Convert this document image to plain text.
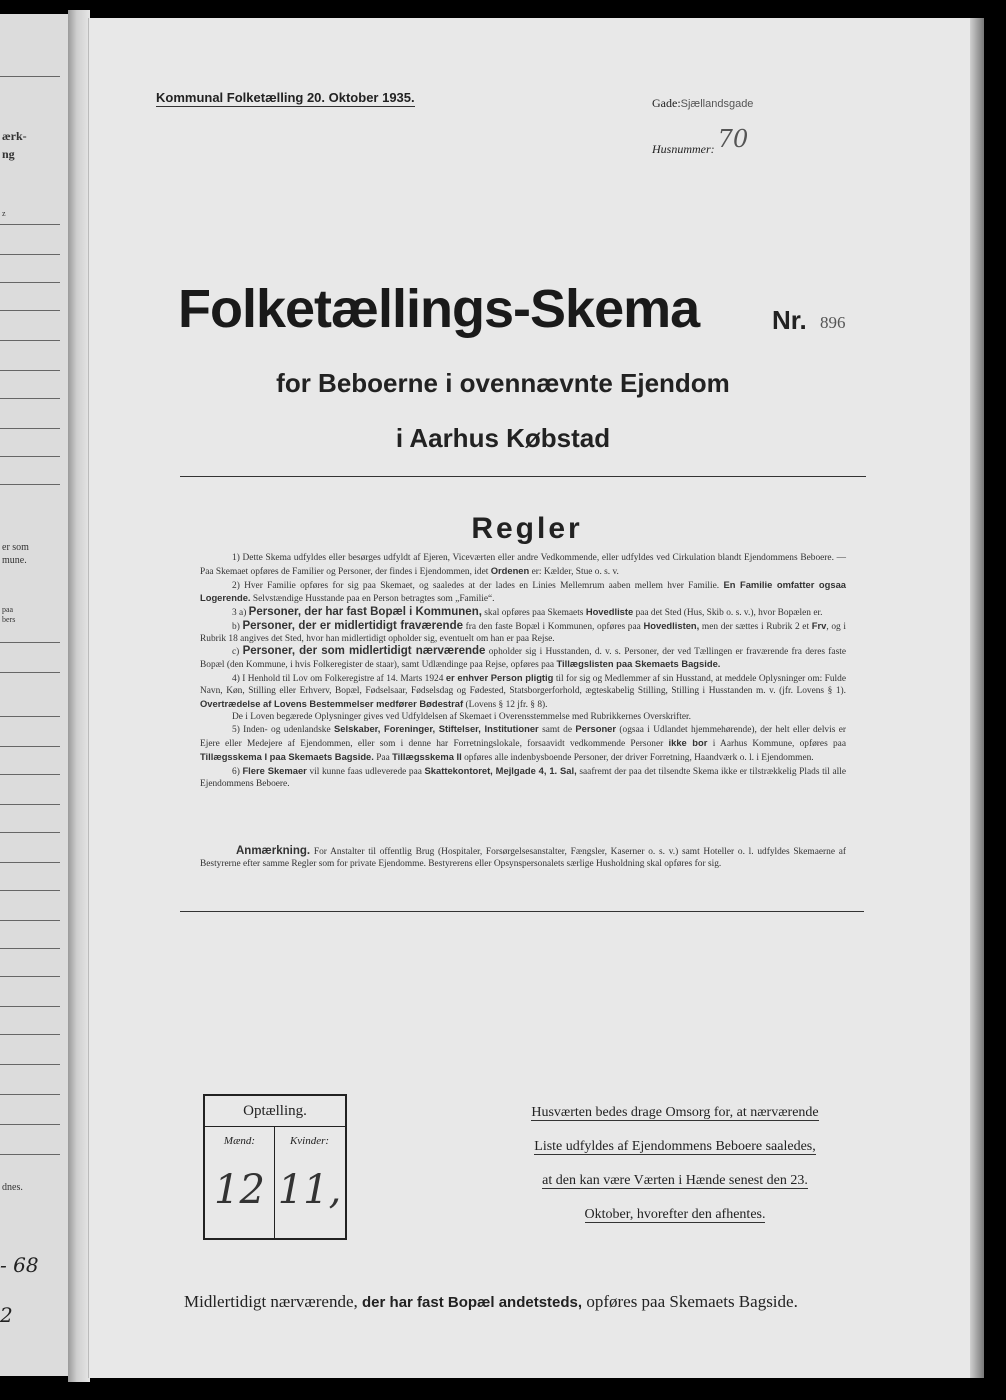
ærk-
ng
z
er som
mune.
paa
bers
dnes.
- 68
2
Kommunal Folketælling 20. Oktober 1935.	Gade:Sjællandsgade
Husnummer: 70
Folketællings-Skema	Nr. 896
for Beboerne i ovennævnte Ejendom
i Aarhus Købstad
Regler

1) Dette Skema udfyldes eller besørges udfyldt af Ejeren, Viceværten eller andre Vedkommende, eller udfyldes ved Cirkulation blandt Ejendommens Beboere. — Paa Skemaet opføres de Familier og Personer, der findes i Ejendommen, idet Ordenen er: Kælder, Stue o. s. v.

2) Hver Familie opføres for sig paa Skemaet, og saaledes at der lades en Linies Mellemrum aaben mellem hver Familie. En Familie omfatter ogsaa Logerende. Selvstændige Husstande paa en Person betragtes som „Familie“.

3 a) Personer, der har fast Bopæl i Kommunen, skal opføres paa Skemaets Hovedliste paa det Sted (Hus, Skib o. s. v.), hvor Bopælen er.

b) Personer, der er midlertidigt fraværende fra den faste Bopæl i Kommunen, opføres paa Hovedlisten, men der sættes i Rubrik 2 et Frv, og i Rubrik 18 angives det Sted, hvor han midlertidigt opholder sig, eventuelt om han er paa Rejse.

c) Personer, der som midlertidigt nærværende opholder sig i Husstanden, d. v. s. Personer, der ved Tællingen er fraværende fra deres faste Bopæl (den Kommune, i hvis Folkeregister de staar), samt Udlændinge paa Rejse, opføres paa Tillægslisten paa Skemaets Bagside.

4) I Henhold til Lov om Folkeregistre af 14. Marts 1924 er enhver Person pligtig til for sig og Medlemmer af sin Husstand, at meddele Oplysninger om: Fulde Navn, Køn, Stilling eller Erhverv, Bopæl, Fødselsaar, Fødselsdag og Fødested, Statsborgerforhold, ægteskabelig Stilling, Stilling i Husstanden m. v. (jfr. Lovens § 1). Overtrædelse af Lovens Bestemmelser medfører Bødestraf (Lovens § 12 jfr. § 8).

De i Loven begærede Oplysninger gives ved Udfyldelsen af Skemaet i Overensstemmelse med Rubrikkernes Overskrifter.

5) Inden- og udenlandske Selskaber, Foreninger, Stiftelser, Institutioner samt de Personer (ogsaa i Udlandet hjemmehørende), der helt eller delvis er Ejere eller Medejere af Ejendommen, eller som i denne har Forretningslokale, forsaavidt vedkommende Personer ikke bor i Aarhus Kommune, opføres paa Tillægsskema I paa Skemaets Bagside. Paa Tillægsskema II opføres alle indenbysboende Personer, der driver Forretning, Haandværk o. l. i Ejendommen.

6) Flere Skemaer vil kunne faas udleverede paa Skattekontoret, Mejlgade 4, 1. Sal, saafremt der paa det tilsendte Skema ikke er tilstrækkelig Plads til alle Ejendommens Beboere.

Anmærkning. For Anstalter til offentlig Brug (Hospitaler, Forsørgelsesanstalter, Fængsler, Kaserner o. s. v.) samt Hoteller o. l. udfyldes Skemaerne af Bestyrerne efter samme Regler som for private Ejendomme. Bestyrerens eller Opsynspersonalets særlige Husholdning skal opføres for sig.
Optælling.
Mænd:
12
Kvinder:
11,
Husværten bedes drage Omsorg for, at nærværende
Liste udfyldes af Ejendommens Beboere saaledes,
at den kan være Værten i Hænde senest den 23.
Oktober, hvorefter den afhentes.
Midlertidigt nærværende, der har fast Bopæl andetsteds, opføres paa Skemaets Bagside.
